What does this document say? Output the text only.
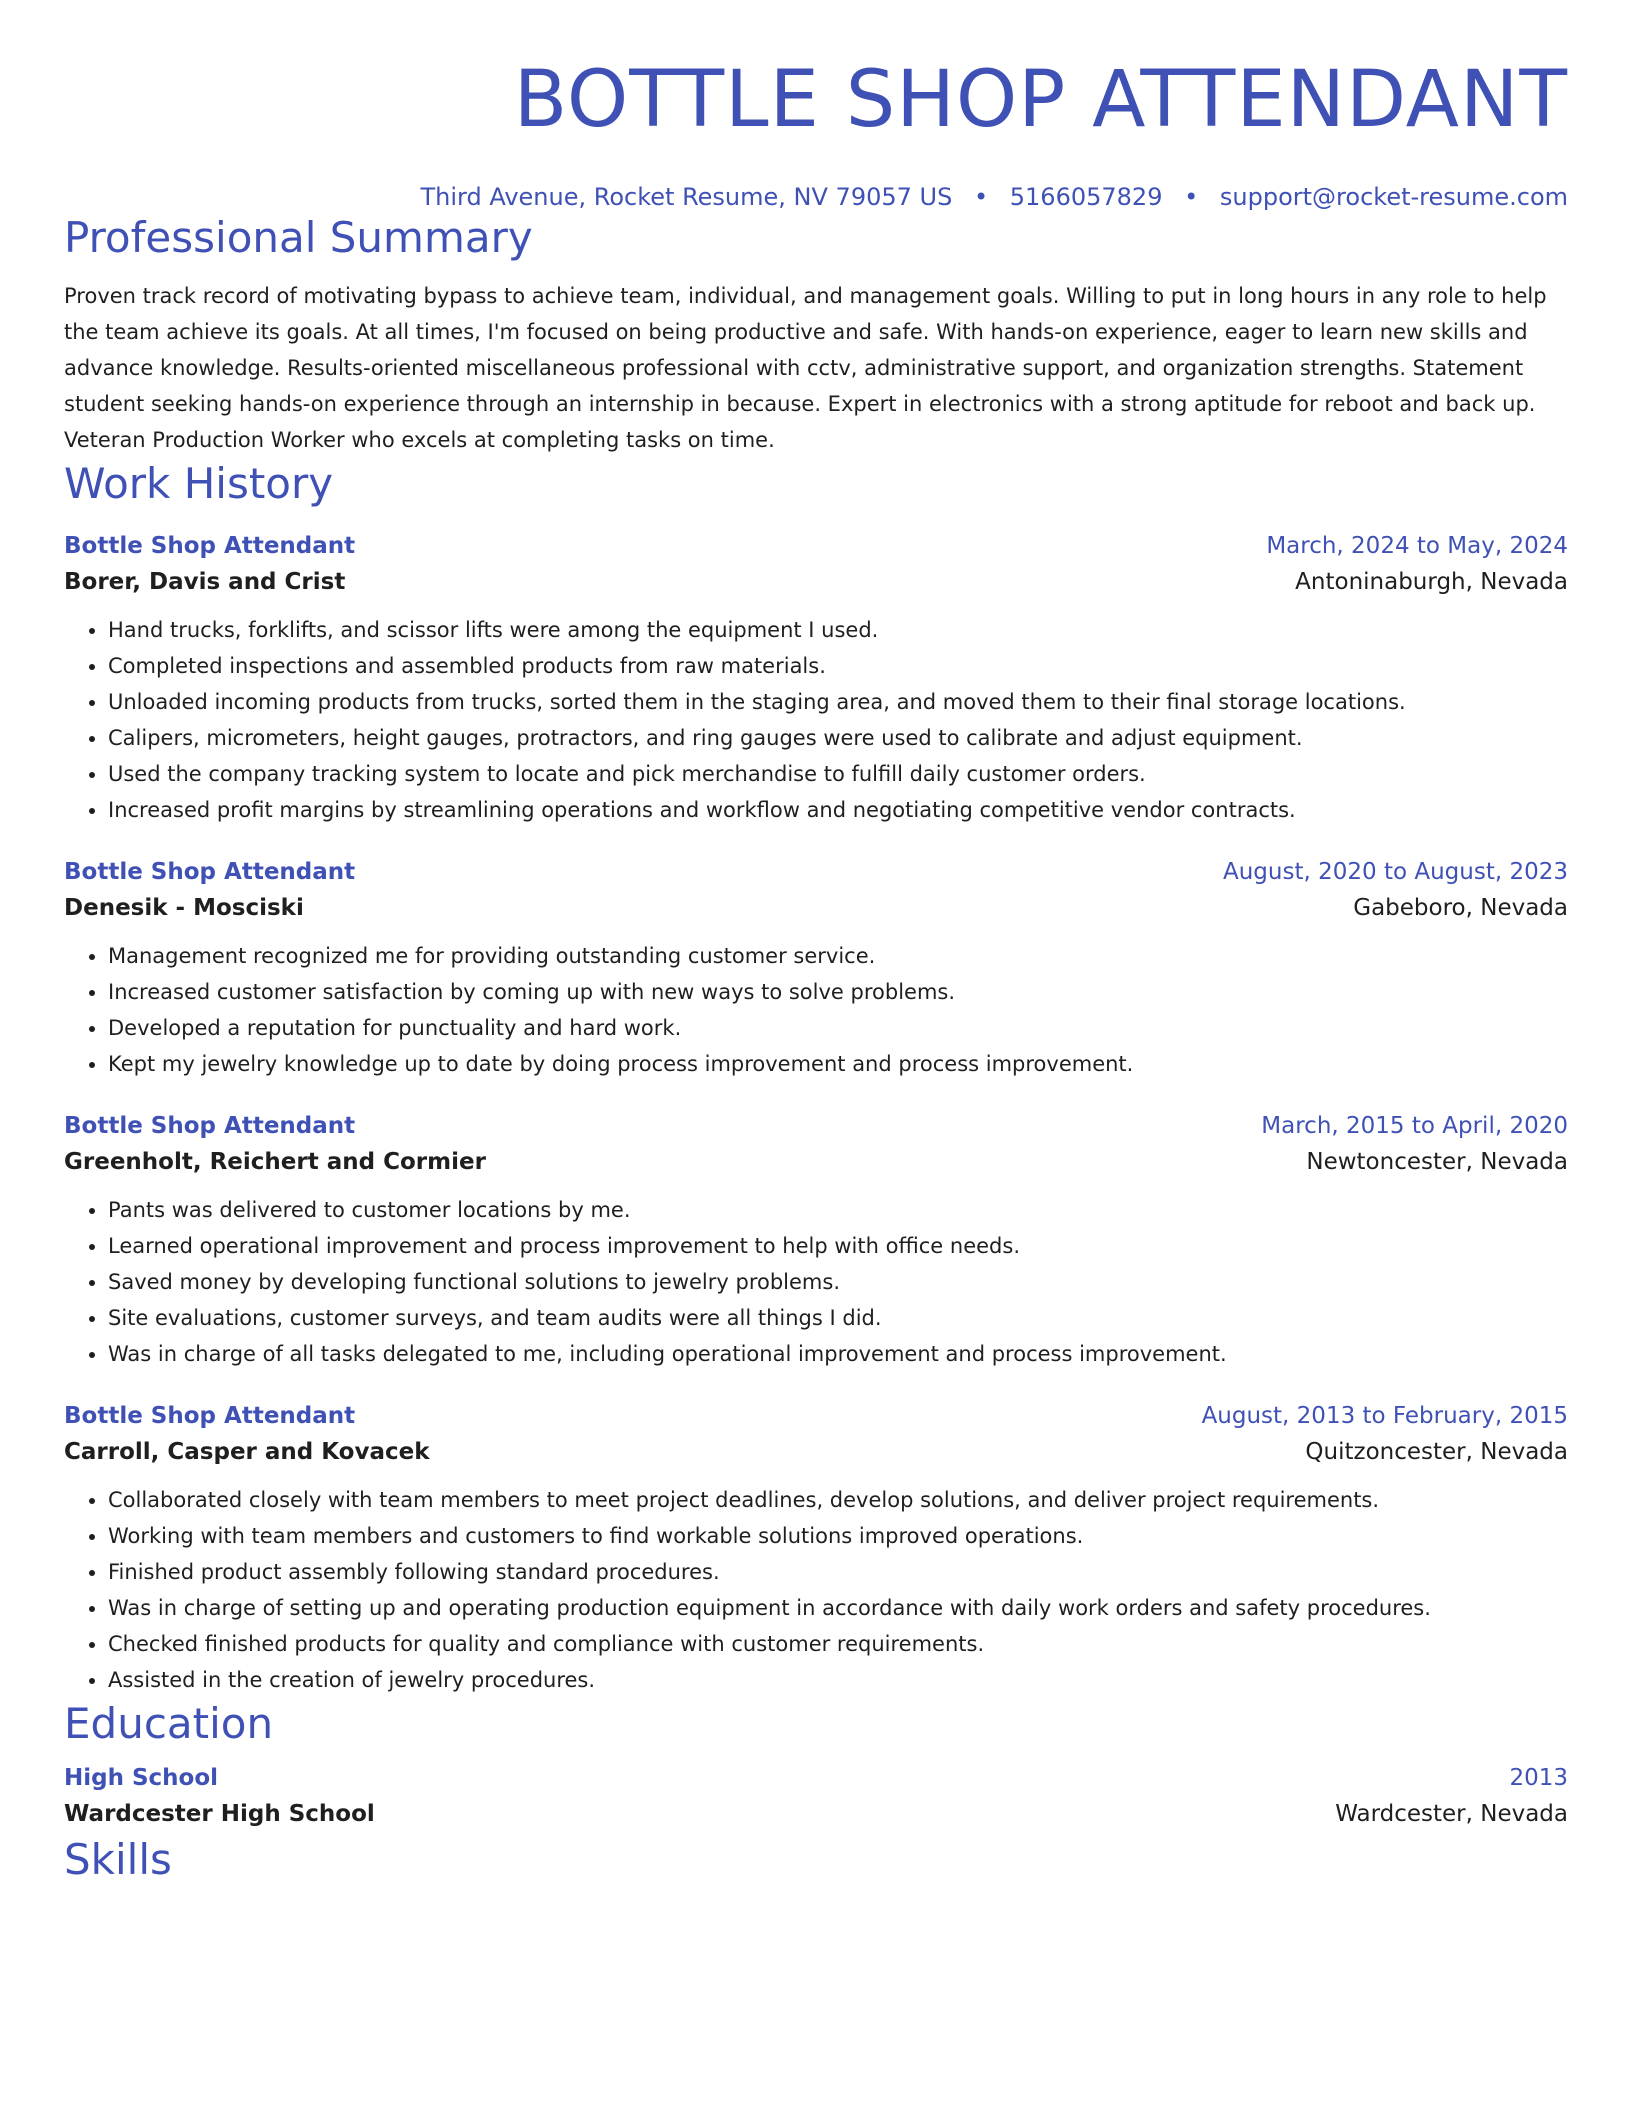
BOTTLE SHOP ATTENDANT
Third Avenue, Rocket Resume, NV 79057 US • 5166057829 • support@rocket-resume.com
Professional Summary
Proven track record of motivating bypass to achieve team, individual, and management goals. Willing to put in long hours in any role to help the team achieve its goals. At all times, I'm focused on being productive and safe. With hands-on experience, eager to learn new skills and advance knowledge. Results-oriented miscellaneous professional with cctv, administrative support, and organization strengths. Statement student seeking hands-on experience through an internship in because. Expert in electronics with a strong aptitude for reboot and back up. Veteran Production Worker who excels at completing tasks on time.
Work History
Bottle Shop Attendant	March, 2024 to May, 2024
Borer, Davis and Crist	Antoninaburgh, Nevada
• Hand trucks, forklifts, and scissor lifts were among the equipment I used.
• Completed inspections and assembled products from raw materials.
• Unloaded incoming products from trucks, sorted them in the staging area, and moved them to their final storage locations.
• Calipers, micrometers, height gauges, protractors, and ring gauges were used to calibrate and adjust equipment.
• Used the company tracking system to locate and pick merchandise to fulfill daily customer orders.
• Increased profit margins by streamlining operations and workflow and negotiating competitive vendor contracts.
Bottle Shop Attendant	August, 2020 to August, 2023
Denesik - Mosciski	Gabeboro, Nevada
• Management recognized me for providing outstanding customer service.
• Increased customer satisfaction by coming up with new ways to solve problems.
• Developed a reputation for punctuality and hard work.
• Kept my jewelry knowledge up to date by doing process improvement and process improvement.
Bottle Shop Attendant	March, 2015 to April, 2020
Greenholt, Reichert and Cormier	Newtoncester, Nevada
• Pants was delivered to customer locations by me.
• Learned operational improvement and process improvement to help with office needs.
• Saved money by developing functional solutions to jewelry problems.
• Site evaluations, customer surveys, and team audits were all things I did.
• Was in charge of all tasks delegated to me, including operational improvement and process improvement.
Bottle Shop Attendant	August, 2013 to February, 2015
Carroll, Casper and Kovacek	Quitzoncester, Nevada
• Collaborated closely with team members to meet project deadlines, develop solutions, and deliver project requirements.
• Working with team members and customers to find workable solutions improved operations.
• Finished product assembly following standard procedures.
• Was in charge of setting up and operating production equipment in accordance with daily work orders and safety procedures.
• Checked finished products for quality and compliance with customer requirements.
• Assisted in the creation of jewelry procedures.
Education
High School	2013
Wardcester High School	Wardcester, Nevada
Skills
